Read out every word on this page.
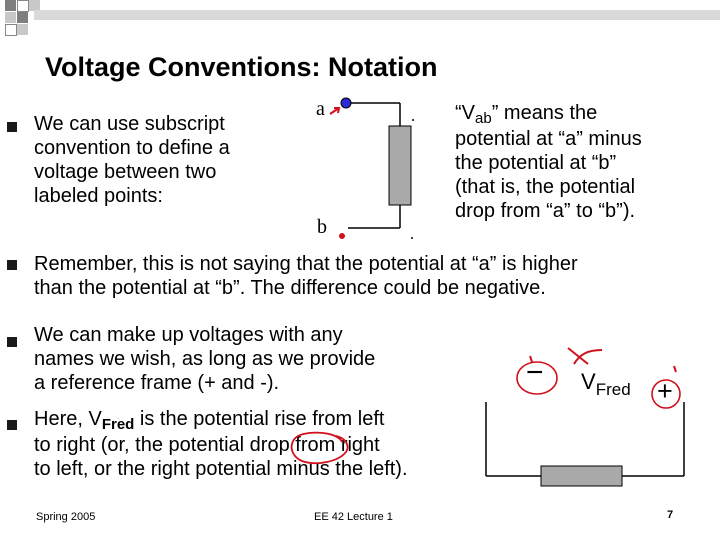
Voltage Conventions: Notation
We can use subscript
convention to define a
voltage between two
labeled points:
a
b
“$V_{ab}$” means the
potential at “a” minus
the potential at “b”
(that is, the potential
drop from “a” to “b”).
Remember, this is not saying that the potential at “a” is higher
than the potential at “b”. The difference could be negative.
We can make up voltages with any
names we wish, as long as we provide
a reference frame (+ and -).
Here, $V_{Fred}$ is the potential rise from left
to right (or, the potential drop from right
to left, or the right potential minus the left).
− $V_{Fred}$ +
Spring 2005	EE 42 Lecture 1	7
